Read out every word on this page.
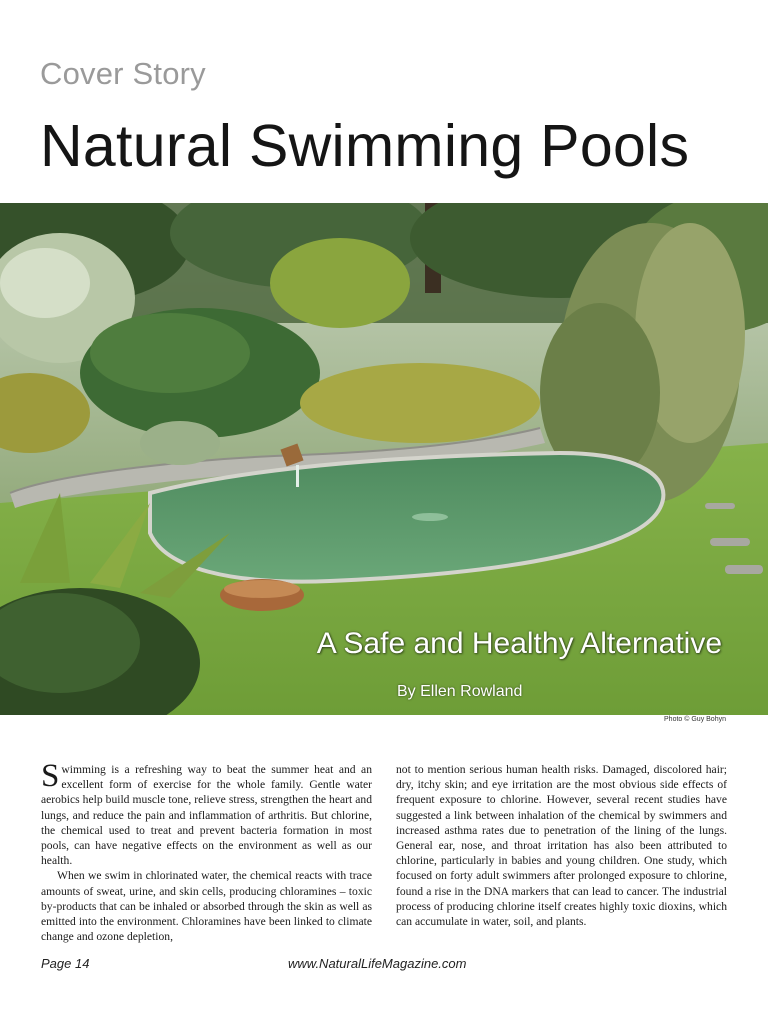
Cover Story
Natural Swimming Pools
A Safe and Healthy Alternative
By Ellen Rowland
Photo © Guy Bohyn

Swimming is a refreshing way to beat the summer heat and an excellent form of exercise for the whole family. Gentle water aerobics help build muscle tone, relieve stress, strengthen the heart and lungs, and reduce the pain and inflammation of arthritis. But chlorine, the chemical used to treat and prevent bacteria formation in most pools, can have negative effects on the environment as well as our health.

When we swim in chlorinated water, the chemical reacts with trace amounts of sweat, urine, and skin cells, producing chloramines – toxic by-products that can be inhaled or absorbed through the skin as well as emitted into the environment. Chloramines have been linked to climate change and ozone depletion,

not to mention serious human health risks. Damaged, discolored hair; dry, itchy skin; and eye irritation are the most obvious side effects of frequent exposure to chlorine. However, several recent studies have suggested a link between inhalation of the chemical by swimmers and increased asthma rates due to penetration of the lining of the lungs. General ear, nose, and throat irritation has also been attributed to chlorine, particularly in babies and young children. One study, which focused on forty adult swimmers after prolonged exposure to chlorine, found a rise in the DNA markers that can lead to cancer. The industrial process of producing chlorine itself creates highly toxic dioxins, which can accumulate in water, soil, and plants.

Page 14	www.NaturalLifeMagazine.com
